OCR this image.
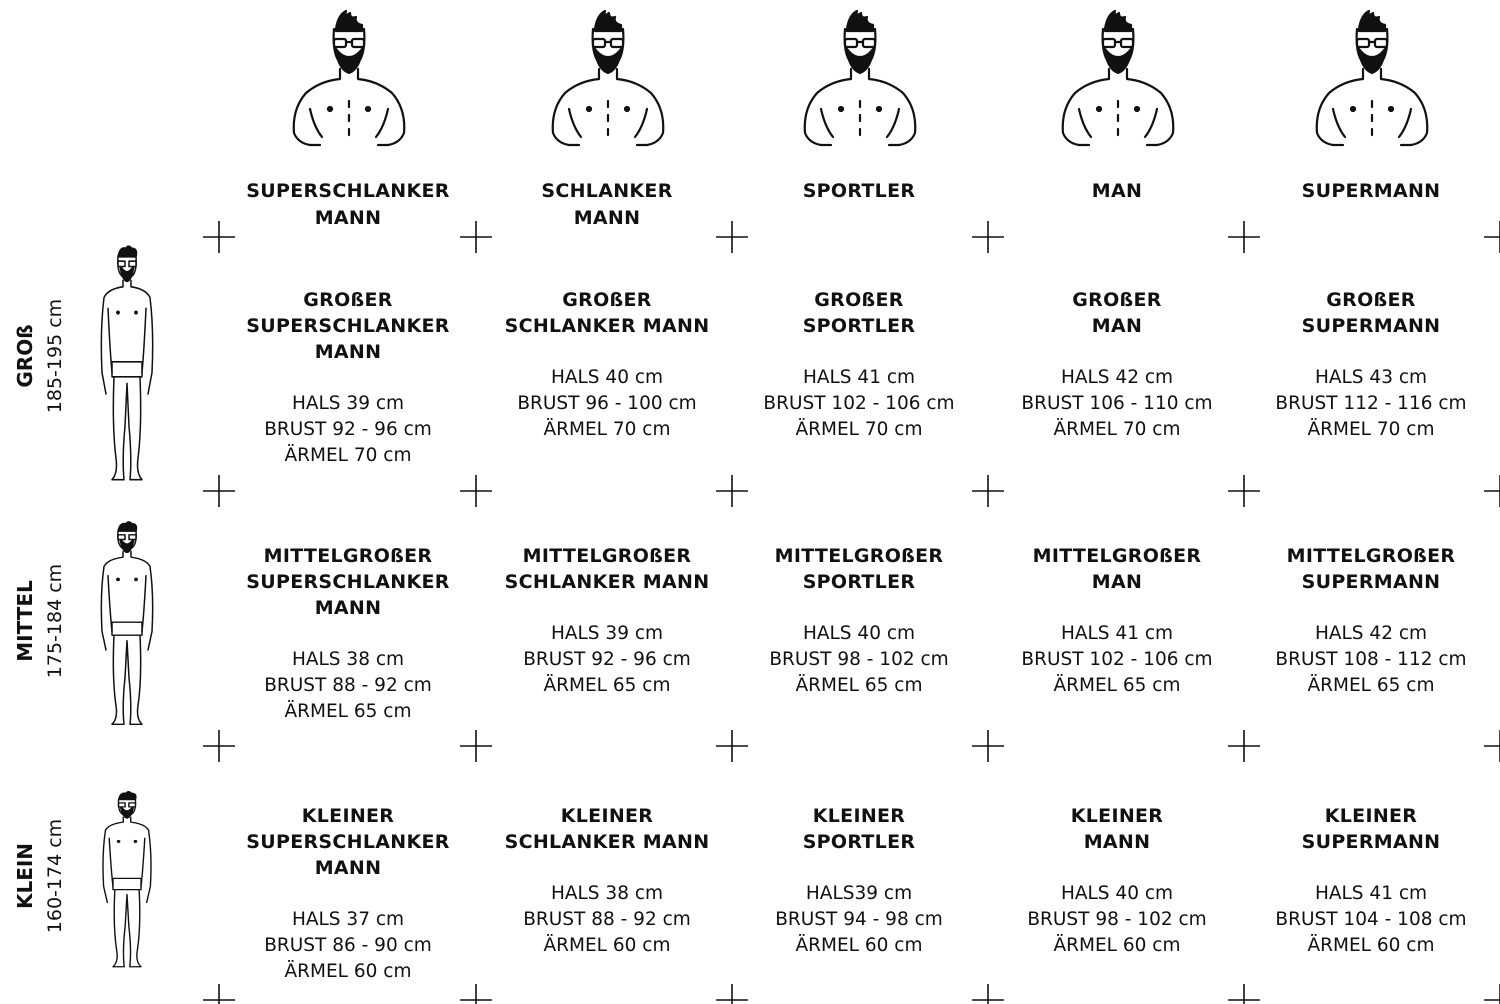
SUPERSCHLANKER
MANN
SCHLANKER
MANN
SPORTLER	MAN	SUPERMANN
GROß 185-195 cm
MITTEL 175-184 cm
KLEIN 160-174 cm
GROßER
SUPERSCHLANKER MANN
HALS 39 cm
BRUST 92 - 96 cm
ÄRMEL 70 cm
GROßER
SCHLANKER MANN
HALS 40 cm
BRUST 96 - 100 cm
ÄRMEL 70 cm
GROßER
SPORTLER
HALS 41 cm
BRUST 102 - 106 cm
ÄRMEL 70 cm
GROßER
MAN
HALS 42 cm
BRUST 106 - 110 cm
ÄRMEL 70 cm
GROßER
SUPERMANN
HALS 43 cm
BRUST 112 - 116 cm
ÄRMEL 70 cm
MITTELGROßER
SUPERSCHLANKER MANN
HALS 38 cm
BRUST 88 - 92 cm
ÄRMEL 65 cm
MITTELGROßER
SCHLANKER MANN
HALS 39 cm
BRUST 92 - 96 cm
ÄRMEL 65 cm
MITTELGROßER
SPORTLER
HALS 40 cm
BRUST 98 - 102 cm
ÄRMEL 65 cm
MITTELGROßER
MAN
HALS 41 cm
BRUST 102 - 106 cm
ÄRMEL 65 cm
MITTELGROßER
SUPERMANN
HALS 42 cm
BRUST 108 - 112 cm
ÄRMEL 65 cm
KLEINER
SUPERSCHLANKER MANN
HALS 37 cm
BRUST 86 - 90 cm
ÄRMEL 60 cm
KLEINER
SCHLANKER MANN
HALS 38 cm
BRUST 88 - 92 cm
ÄRMEL 60 cm
KLEINER
SPORTLER
HALS39 cm
BRUST 94 - 98 cm
ÄRMEL 60 cm
KLEINER
MANN
HALS 40 cm
BRUST 98 - 102 cm
ÄRMEL 60 cm
KLEINER
SUPERMANN
HALS 41 cm
BRUST 104 - 108 cm
ÄRMEL 60 cm
